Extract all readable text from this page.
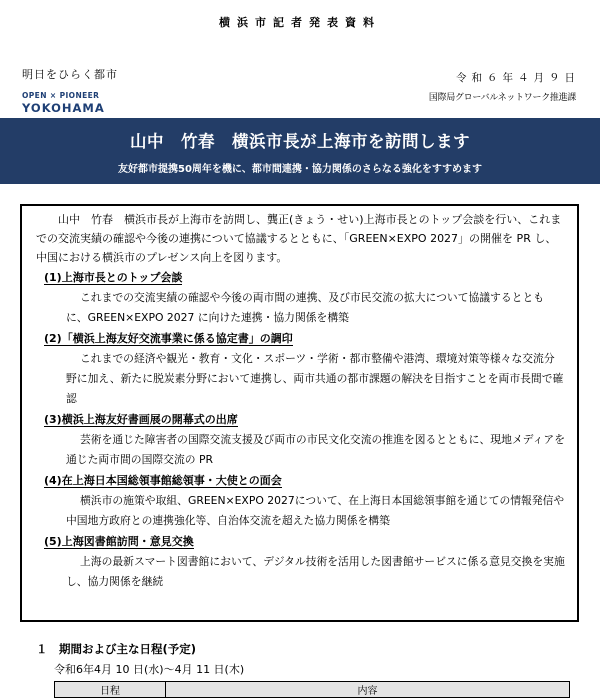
横浜市記者発表資料
明日をひらく都市
OPEN × PIONEER
YOKOHAMA
令和６年４月９日
国際局グローバルネットワーク推進課
山中　竹春　横浜市長が上海市を訪問します
友好都市提携50周年を機に、都市間連携・協力関係のさらなる強化をすすめます
山中　竹春　横浜市長が上海市を訪問し、龔正(きょう・せい)上海市長とのトップ会談を行い、これまでの交流実績の確認や今後の連携について協議するとともに、「GREEN×EXPO 2027」の開催を PR し、中国における横浜市のプレゼンス向上を図ります。
(1)上海市長とのトップ会談
これまでの交流実績の確認や今後の両市間の連携、及び市民交流の拡大について協議するとともに、GREEN×EXPO 2027 に向けた連携・協力関係を構築
(2)「横浜上海友好交流事業に係る協定書」の調印
これまでの経済や観光・教育・文化・スポーツ・学術・都市整備や港湾、環境対策等様々な交流分野に加え、新たに脱炭素分野において連携し、両市共通の都市課題の解決を目指すことを両市長間で確認
(3)横浜上海友好書画展の開幕式の出席
芸術を通じた障害者の国際交流支援及び両市の市民文化交流の推進を図るとともに、現地メディアを通じた両市間の国際交流の PR
(4)在上海日本国総領事館総領事・大使との面会
横浜市の施策や取組、GREEN×EXPO 2027について、在上海日本国総領事館を通じての情報発信や中国地方政府との連携強化等、自治体交流を超えた協力関係を構築
(5)上海図書館訪問・意見交換
上海の最新スマート図書館において、デジタル技術を活用した図書館サービスに係る意見交換を実施し、協力関係を継続
１　期間および主な日程(予定)
令和6年4月 10 日(水)～4月 11 日(木)
日程	内容
